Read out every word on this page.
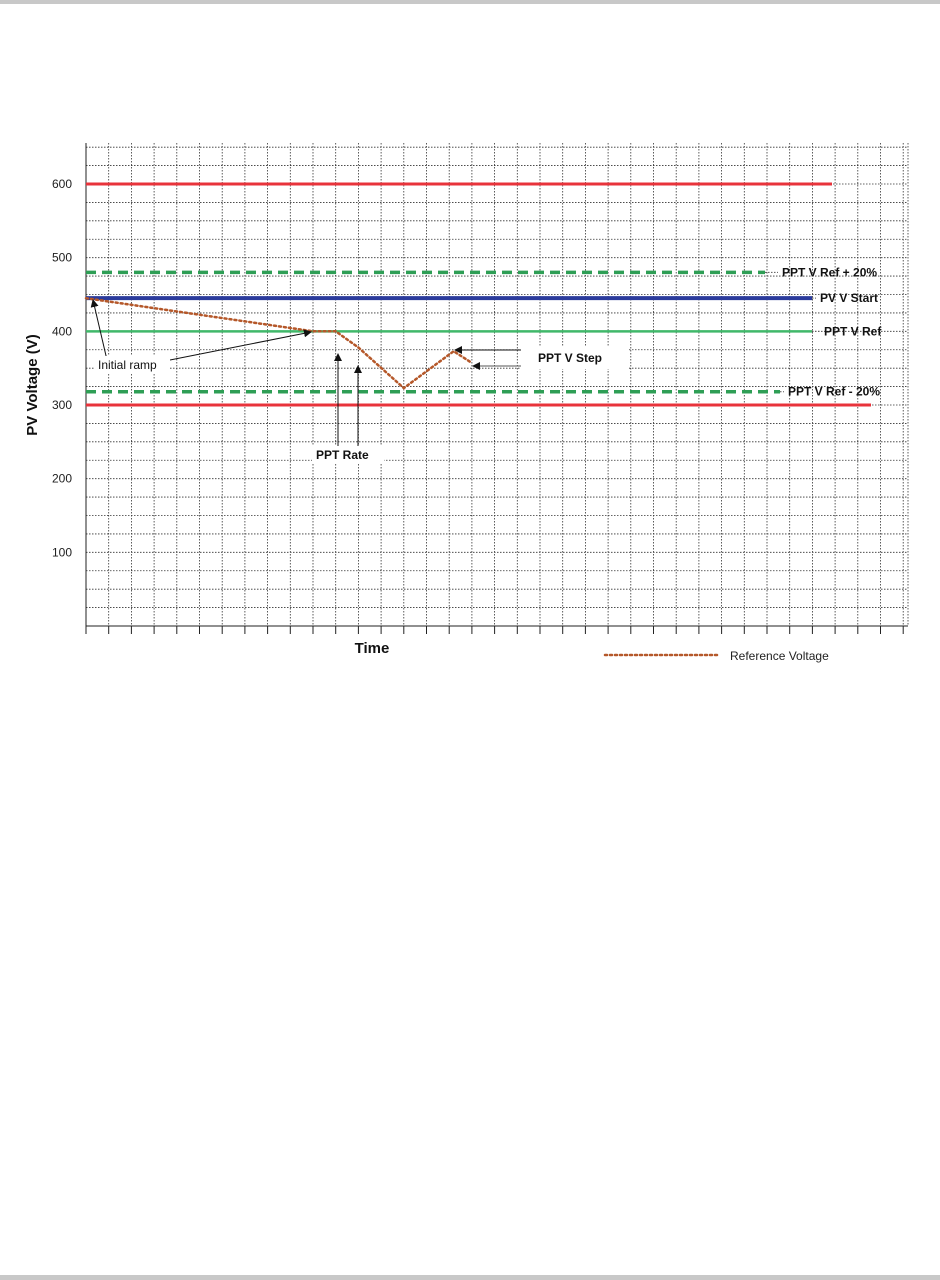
100
200
300
400
500
600
PV Voltage (V)
Time
PPT V Ref + 20%
PV V Start
PPT V Ref
PPT V Ref - 20%
Initial ramp
PPT Rate
PPT V Step
Reference Voltage
